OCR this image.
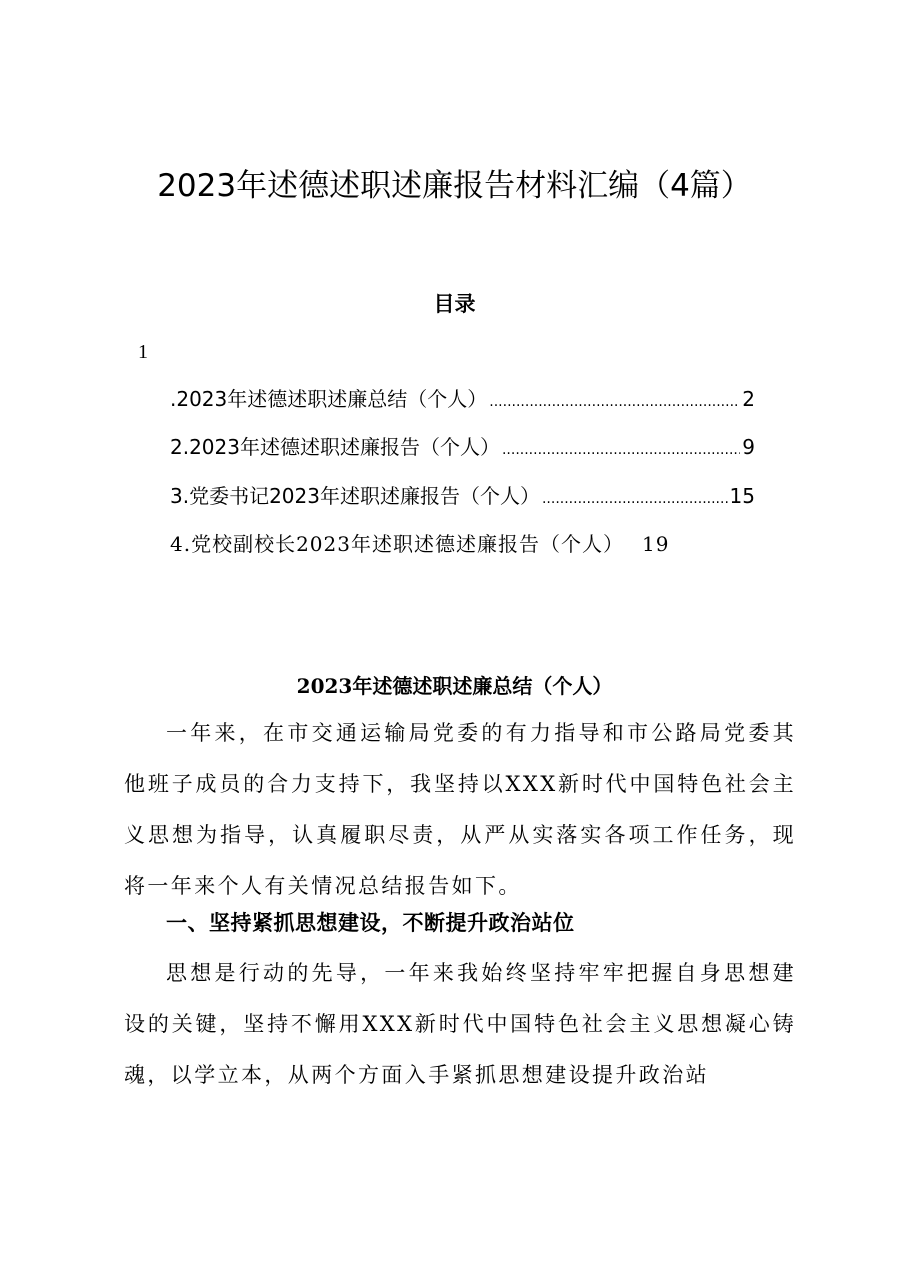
2023年述德述职述廉报告材料汇编（4篇）
目录
1
.2023年述德述职述廉总结（个人） .....	2
2.2023年述德述职述廉报告（个人） .....	9
3.党委书记2023年述职述廉报告（个人） .....	15
4.党校副校长2023年述职述德述廉报告（个人） 19
2023年述德述职述廉总结（个人）
一年来，在市交通运输局党委的有力指导和市公路局党委其他班子成员的合力支持下，我坚持以XXX新时代中国特色社会主义思想为指导，认真履职尽责，从严从实落实各项工作任务，现将一年来个人有关情况总结报告如下。
一、坚持紧抓思想建设，不断提升政治站位
思想是行动的先导，一年来我始终坚持牢牢把握自身思想建设的关键，坚持不懈用XXX新时代中国特色社会主义思想凝心铸魂，以学立本，从两个方面入手紧抓思想建设提升政治站
